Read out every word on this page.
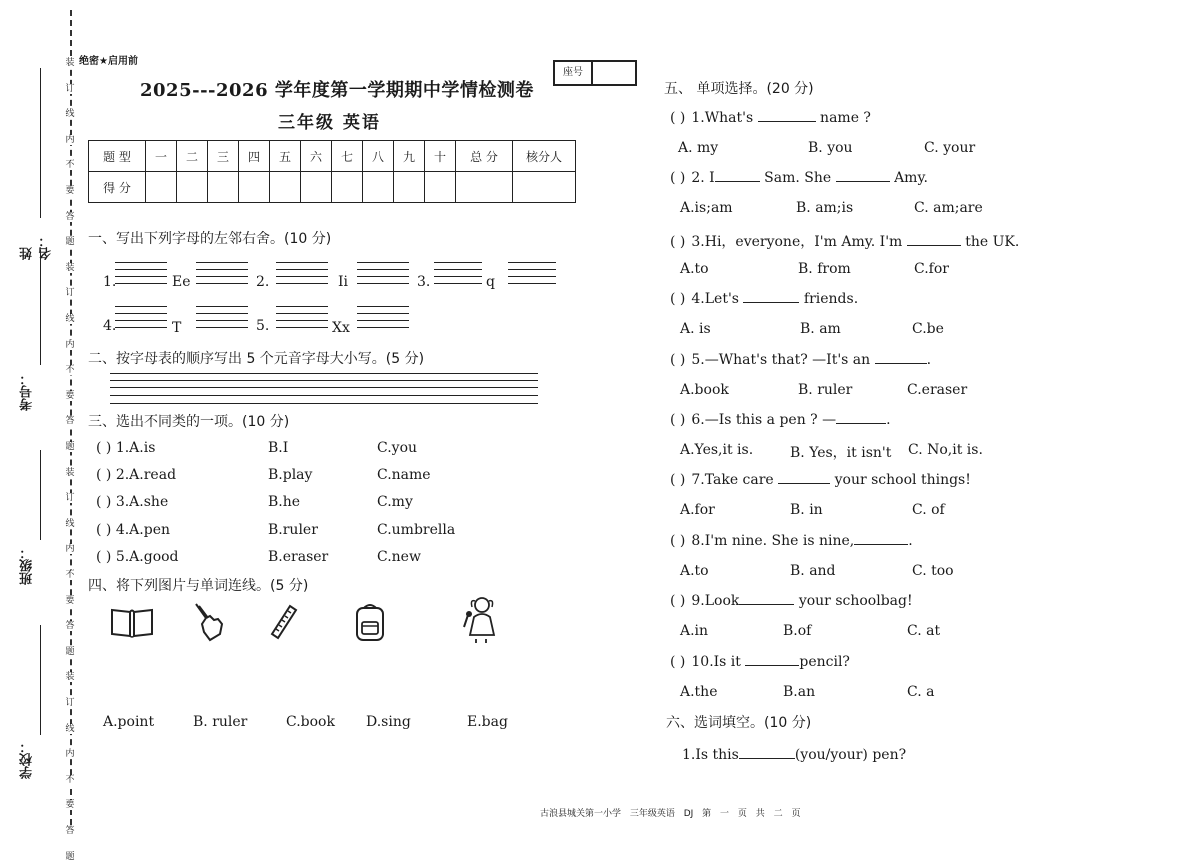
装
订
线
内
不
要
答
题
装
订
线
内
不
要
答
题
装
订
线
内
不
要
答
题
装
订
线
内
不
要
答
题
姓名：
考号：
班级：
学校：
绝密★启用前
2025---2026 学年度第一学期期中学情检测卷
座号
三年级 英语
题 型	一	二	三	四	五	六	七	八	九	十	总 分	核分人
得 分												
一、写出下列字母的左邻右舍。(10 分)
1.	Ee	2.	Ii	3.	q
4.	T	5.	Xx
二、按字母表的顺序写出 5 个元音字母大小写。(5 分)
三、选出不同类的一项。(10 分)
( ) 1.A.is	B.I	C.you
( ) 2.A.read	B.play	C.name
( ) 3.A.she	B.he	C.my
( ) 4.A.pen	B.ruler	C.umbrella
( ) 5.A.good	B.eraser	C.new
四、将下列图片与单词连线。(5 分)
A.point	B. ruler	C.book D.sing	E.bag
五、 单项选择。(20 分)
( ) 1.What's	name ?
A. my	B. you	C. your
( ) 2. I	Sam. She	Amy.
A.is;am	B. am;is	C. am;are
( ) 3.Hi，everyone，I'm Amy. I'm	the UK.
A.to	B. from	C.for
( ) 4.Let's	friends.
A. is	B. am	C.be
( ) 5.—What's that? —It's an	.
A.book	B. ruler	C.eraser
( ) 6.—Is this a pen ? —	.
A.Yes,it is.	B. Yes，it isn't C. No,it is.
( ) 7.Take care	your school things!
A.for	B. in	C. of
( ) 8.I'm nine. She is nine,	.
A.to	B. and	C. too
( ) 9.Look	your schoolbag!
A.in	B.of	C. at
( ) 10.Is it	pencil?
A.the	B.an	C. a
六、选词填空。(10 分)
1.Is this	(you/your) pen?
古浪县城关第一小学 三年级英语 DJ 第 一 页 共 二 页
